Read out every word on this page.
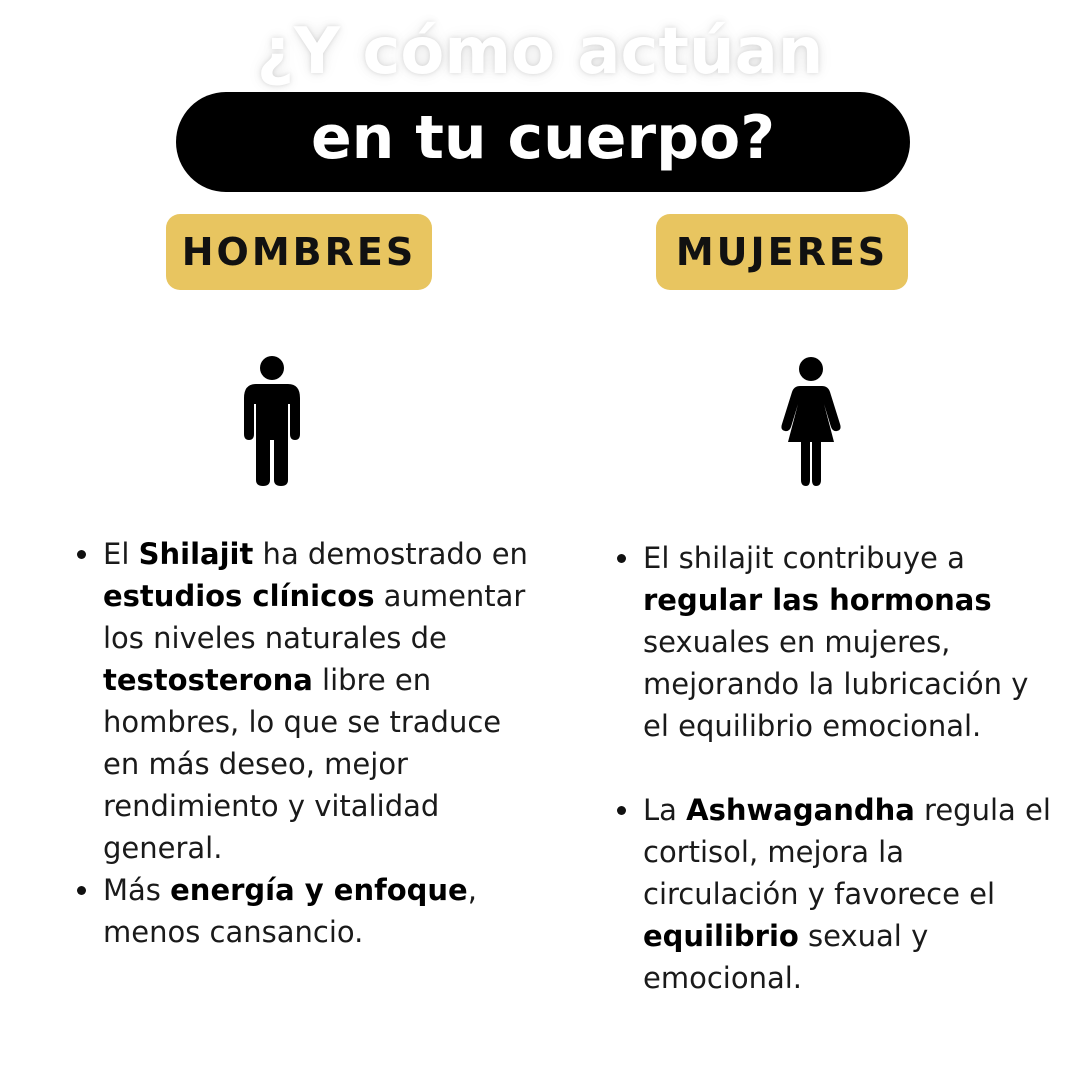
¿Y cómo actúan
en tu cuerpo?
HOMBRES	MUJERES
El Shilajit ha demostrado en estudios clínicos aumentar los niveles naturales de testosterona libre en hombres, lo que se traduce en más deseo, mejor rendimiento y vitalidad general.
Más energía y enfoque, menos cansancio.
El shilajit contribuye a regular las hormonas sexuales en mujeres, mejorando la lubricación y el equilibrio emocional.
La Ashwagandha regula el cortisol, mejora la circulación y favorece el equilibrio sexual y emocional.
